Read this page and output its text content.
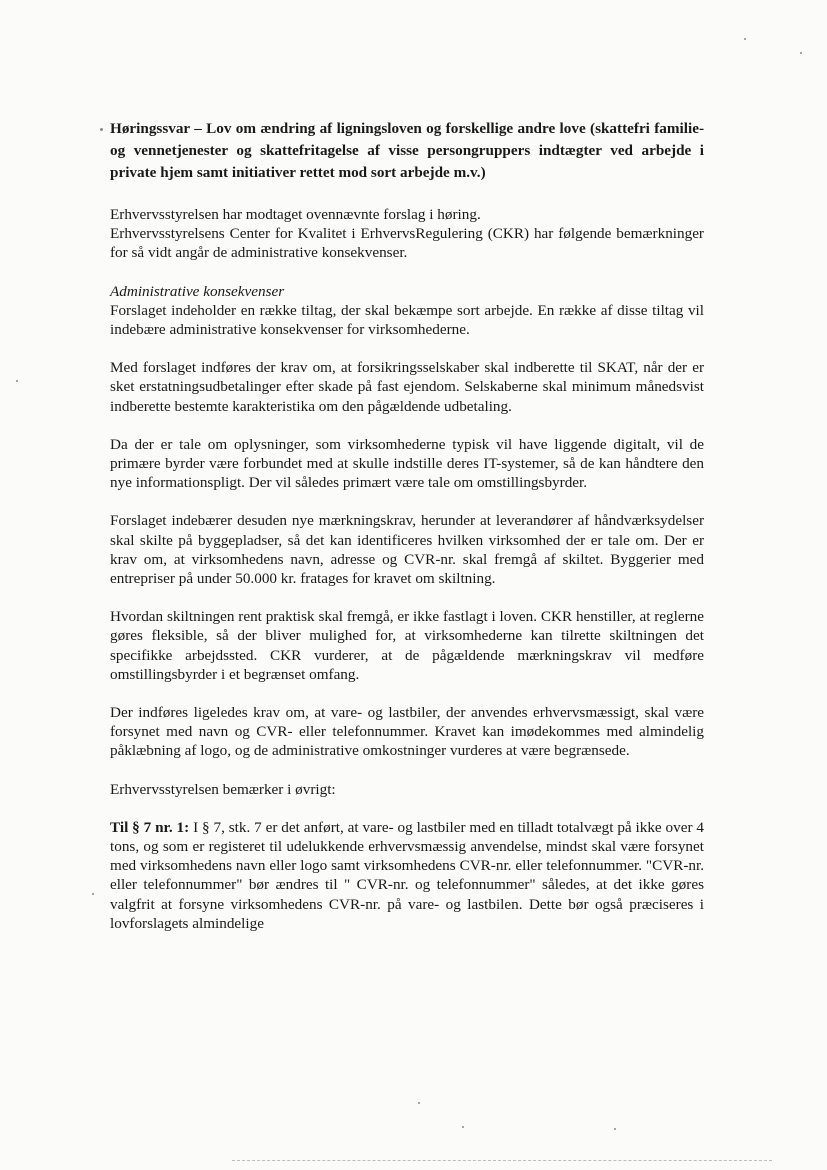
Høringssvar – Lov om ændring af ligningsloven og forskellige andre love (skattefri familie- og vennetjenester og skattefritagelse af visse persongruppers indtægter ved arbejde i private hjem samt initiativer rettet mod sort arbejde m.v.)

Erhvervsstyrelsen har modtaget ovennævnte forslag i høring.

Erhvervsstyrelsens Center for Kvalitet i ErhvervsRegulering (CKR) har følgende bemærkninger for så vidt angår de administrative konsekvenser.

Administrative konsekvenser

Forslaget indeholder en række tiltag, der skal bekæmpe sort arbejde. En række af disse tiltag vil indebære administrative konsekvenser for virksomhederne.

Med forslaget indføres der krav om, at forsikringsselskaber skal indberette til SKAT, når der er sket erstatningsudbetalinger efter skade på fast ejendom. Selskaberne skal minimum månedsvist indberette bestemte karakteristika om den pågældende udbetaling.

Da der er tale om oplysninger, som virksomhederne typisk vil have liggende digitalt, vil de primære byrder være forbundet med at skulle indstille deres IT-systemer, så de kan håndtere den nye informationspligt. Der vil således primært være tale om omstillingsbyrder.

Forslaget indebærer desuden nye mærkningskrav, herunder at leverandører af håndværksydelser skal skilte på byggepladser, så det kan identificeres hvilken virksomhed der er tale om. Der er krav om, at virksomhedens navn, adresse og CVR-nr. skal fremgå af skiltet. Byggerier med entrepriser på under 50.000 kr. fratages for kravet om skiltning.

Hvordan skiltningen rent praktisk skal fremgå, er ikke fastlagt i loven. CKR henstiller, at reglerne gøres fleksible, så der bliver mulighed for, at virksomhederne kan tilrette skiltningen det specifikke arbejdssted. CKR vurderer, at de pågældende mærkningskrav vil medføre omstillingsbyrder i et begrænset omfang.

Der indføres ligeledes krav om, at vare- og lastbiler, der anvendes erhvervsmæssigt, skal være forsynet med navn og CVR- eller telefonnummer. Kravet kan imødekommes med almindelig påklæbning af logo, og de administrative omkostninger vurderes at være begrænsede.

Erhvervsstyrelsen bemærker i øvrigt:

Til § 7 nr. 1: I § 7, stk. 7 er det anført, at vare- og lastbiler med en tilladt totalvægt på ikke over 4 tons, og som er registeret til udelukkende erhvervsmæssig anvendelse, mindst skal være forsynet med virksomhedens navn eller logo samt virksomhedens CVR-nr. eller telefonnummer. "CVR-nr. eller telefonnummer" bør ændres til " CVR-nr. og telefonnummer" således, at det ikke gøres valgfrit at forsyne virksomhedens CVR-nr. på vare- og lastbilen. Dette bør også præciseres i lovforslagets almindelige
